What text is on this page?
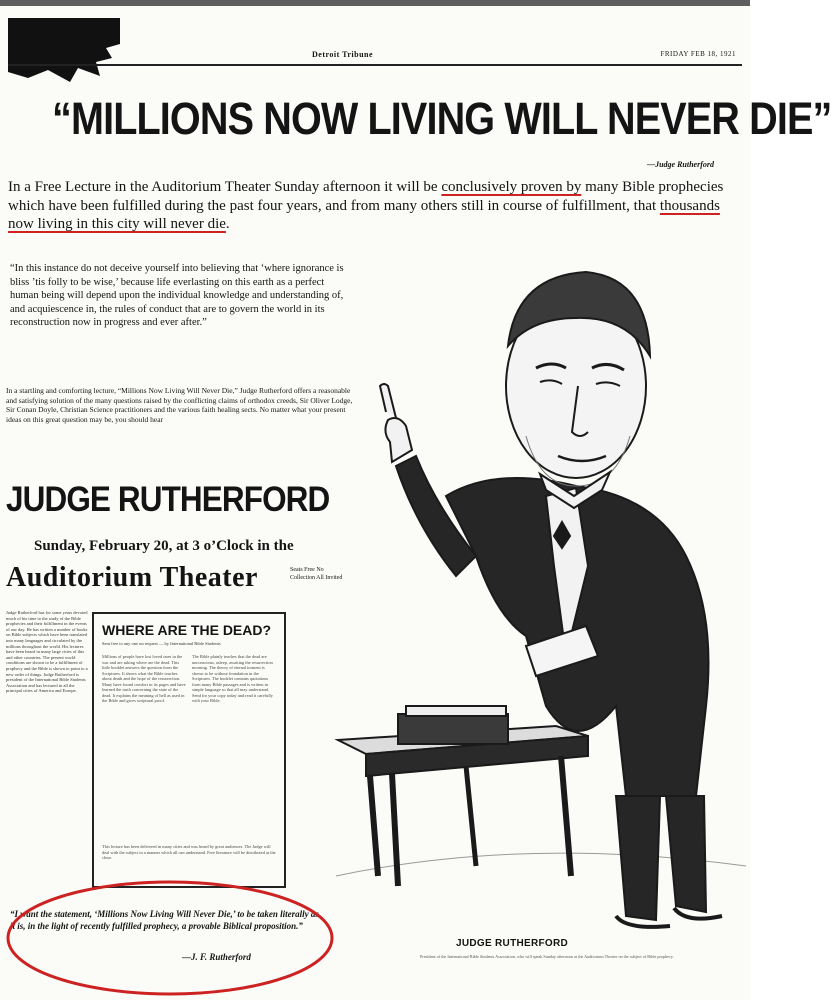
Detroit Tribune	FRIDAY FEB 18, 1921
“MILLIONS NOW LIVING WILL NEVER DIE”
—Judge Rutherford

In a Free Lecture in the Auditorium Theater Sunday afternoon it will be conclusively proven by many Bible prophecies which have been fulfilled during the past four years, and from many others still in course of fulfillment, that thousands now living in this city will never die.

“In this instance do not deceive yourself into believing that ‘where ignorance is bliss ’tis folly to be wise,’ because life everlasting on this earth as a perfect human being will depend upon the individual knowledge and understanding of, and acquiescence in, the rules of conduct that are to govern the world in its reconstruction now in progress and ever after.”

In a startling and comforting lecture, “Millions Now Living Will Never Die,” Judge Rutherford offers a reasonable and satisfying solution of the many questions raised by the conflicting claims of orthodox creeds, Sir Oliver Lodge, Sir Conan Doyle, Christian Science practitioners and the various faith healing sects. No matter what your present ideas on this great question may be, you should hear

JUDGE RUTHERFORD
Sunday, February 20, at 3 o’Clock in the
Auditorium Theater	Seats Free No Collection All Invited

Judge Rutherford has for some years devoted much of his time to the study of the Bible prophecies and their fulfillment in the events of our day. He has written a number of books on Bible subjects which have been translated into many languages and circulated by the millions throughout the world. His lectures have been heard in many large cities of this and other countries. The present world conditions are shown to be a fulfillment of prophecy and the Bible is shown to point to a new order of things. Judge Rutherford is president of the International Bible Students Association and has lectured in all the principal cities of America and Europe.

WHERE ARE THE DEAD?
Sent free to any one on request — by International Bible Students

Millions of people have lost loved ones in the war and are asking where are the dead. This little booklet answers the question from the Scriptures. It shows what the Bible teaches about death and the hope of the resurrection. Many have found comfort in its pages and have learned the truth concerning the state of the dead. It explains the meaning of hell as used in the Bible and gives scriptural proof.

The Bible plainly teaches that the dead are unconscious, asleep, awaiting the resurrection morning. The theory of eternal torment is shown to be without foundation in the Scriptures. The booklet contains quotations from many Bible passages and is written in simple language so that all may understand. Send for your copy today and read it carefully with your Bible.

This lecture has been delivered in many cities and was heard by great audiences. The Judge will deal with the subject in a manner which all can understand. Free literature will be distributed at the close.

“I want the statement, ‘Millions Now Living Will Never Die,’ to be taken literally as it is, in the light of recently fulfilled prophecy, a provable Biblical proposition.”

—J. F. Rutherford
JUDGE RUTHERFORD

President of the International Bible Students Association, who will speak Sunday afternoon at the Auditorium Theater on the subject of Bible prophecy.
